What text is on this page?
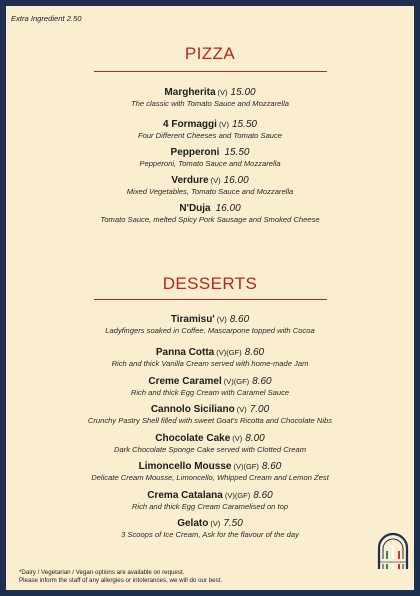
Extra Ingredient 2.50
PIZZA
Margherita (V) 15.00
The classic with Tomato Sauce and Mozzarella
4 Formaggi (V) 15.50
Four Different Cheeses and Tomato Sauce
Pepperoni 15.50
Pepperoni, Tomato Sauce and Mozzarella
Verdure (V) 16.00
Mixed Vegetables, Tomato Sauce and Mozzarella
N'Duja 16.00
Tomato Sauce, melted Spicy Pork Sausage and Smoked Cheese
DESSERTS
Tiramisu' (V) 8.60
Ladyfingers soaked in Coffee, Mascarpone topped with Cocoa
Panna Cotta (V)(GF) 8.60
Rich and thick Vanilla Cream served with home-made Jam
Creme Caramel (V)(GF) 8.60
Rich and thick Egg Cream with Caramel Sauce
Cannolo Siciliano (V) 7.00
Crunchy Pastry Shell filled with sweet Goat's Ricotta and Chocolate Nibs
Chocolate Cake (V) 8.00
Dark Chocolate Sponge Cake served with Clotted Cream
Limoncello Mousse (V)(GF) 8.60
Delicate Cream Mousse, Limoncello, Whipped Cream and Lemon Zest
Crema Catalana (V)(GF) 8.60
Rich and thick Egg Cream Caramelised on top
Gelato (V) 7.50
3 Scoops of Ice Cream, Ask for the flavour of the day
*Dairy / Vegetarian / Vegan options are available on request.
Please inform the staff of any allergies or intolerances, we will do our best.
ITALIAN RESTAURANT
